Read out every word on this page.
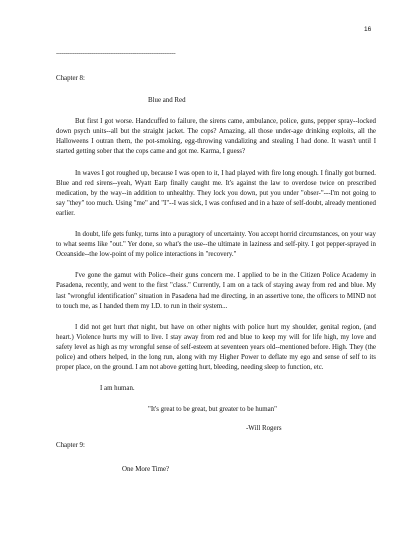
16
----------------------------------------------------------------

Chapter 8:

Blue and Red

But first I got worse. Handcuffed to failure, the sirens came, ambulance, police, guns, pepper spray--locked down psych units--all but the straight jacket. The cops? Amazing, all those under-age drinking exploits, all the Halloweens I outran them, the pot-smoking, egg-throwing vandalizing and stealing I had done. It wasn't until I started getting sober that the cops came and got me. Karma, I guess?

In waves I got roughed up, because I was open to it, I had played with fire long enough. I finally got burned. Blue and red sirens--yeah, Wyatt Earp finally caught me. It's against the law to overdose twice on prescribed medication, by the way--in addition to unhealthy. They lock you down, put you under "obser-"---I'm not going to say "they" too much. Using "me" and "I"--I was sick, I was confused and in a haze of self-doubt, already mentioned earlier.

In doubt, life gets funky, turns into a puragtory of uncertainty. You accept horrid circumstances, on your way to what seems like "out." Yer done, so what's the use--the ultimate in laziness and self-pity. I got pepper-sprayed in Oceanside--the low-point of my police interactions in "recovery."

I've gone the gamut with Police--their guns concern me. I applied to be in the Citizen Police Academy in Pasadena, recently, and went to the first "class." Currently, I am on a tack of staying away from red and blue. My last "wrongful identification" situation in Pasadena had me directing, in an assertive tone, the officers to MIND not to touch me, as I handed them my I.D. to run in their system...

I did not get hurt that night, but have on other nights with police hurt my shoulder, genital region, (and heart.) Violence hurts my will to live. I stay away from red and blue to keep my will for life high, my love and safety level as high as my wrongful sense of self-esteem at seventeen years old--mentioned before. High. They (the police) and others helped, in the long run, along with my Higher Power to deflate my ego and sense of self to its proper place, on the ground. I am not above getting hurt, bleeding, needing sleep to function, etc.

I am human.

"It's great to be great, but greater to be human"

-Will Rogers

Chapter 9:

One More Time?
